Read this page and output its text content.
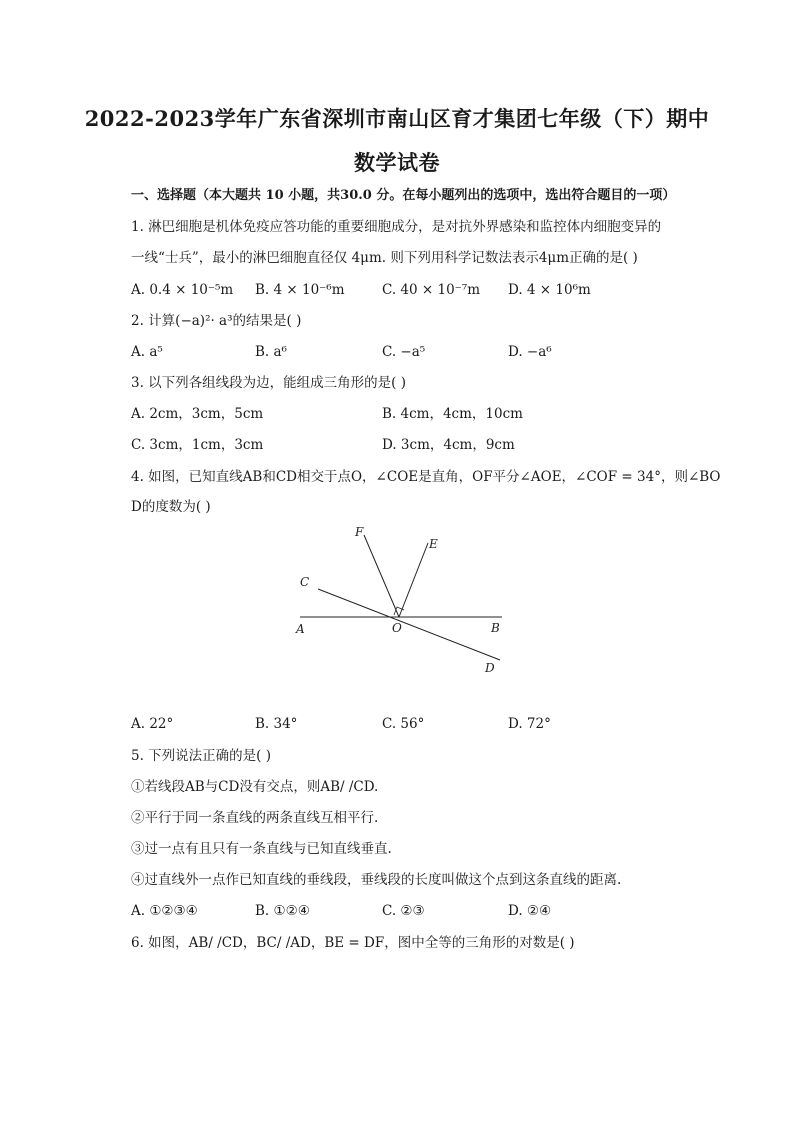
2022-2023学年广东省深圳市南山区育才集团七年级（下）期中
数学试卷
一、选择题（本大题共 10 小题，共30.0 分。在每小题列出的选项中，选出符合题目的一项）
1. 淋巴细胞是机体免疫应答功能的重要细胞成分，是对抗外界感染和监控体内细胞变异的
一线“士兵”，最小的淋巴细胞直径仅 4μm. 则下列用科学记数法表示4μm正确的是( )
A. 0.4 × 10⁻⁵m B. 4 × 10⁻⁶m	C. 40 × 10⁻⁷m D. 4 × 10⁶m
2. 计算(−a)²· a³的结果是( )
A. a⁵	B. a⁶	C. −a⁵	D. −a⁶
3. 以下列各组线段为边，能组成三角形的是( )
A. 2cm，3cm，5cm	B. 4cm，4cm，10cm
C. 3cm，1cm，3cm	D. 3cm，4cm，9cm
4. 如图，已知直线AB和CD相交于点O，∠COE是直角，OF平分∠AOE，∠COF = 34°，则∠BO
D的度数为( )
F
E
C
A	O	B
D
A. 22°	B. 34°	C. 56°	D. 72°
5. 下列说法正确的是( )
①若线段AB与CD没有交点，则AB/ /CD.
②平行于同一条直线的两条直线互相平行.
③过一点有且只有一条直线与已知直线垂直.
④过直线外一点作已知直线的垂线段，垂线段的长度叫做这个点到这条直线的距离.
A. ①②③④	B. ①②④	C. ②③	D. ②④
6. 如图，AB/ /CD，BC/ /AD，BE = DF，图中全等的三角形的对数是( )
